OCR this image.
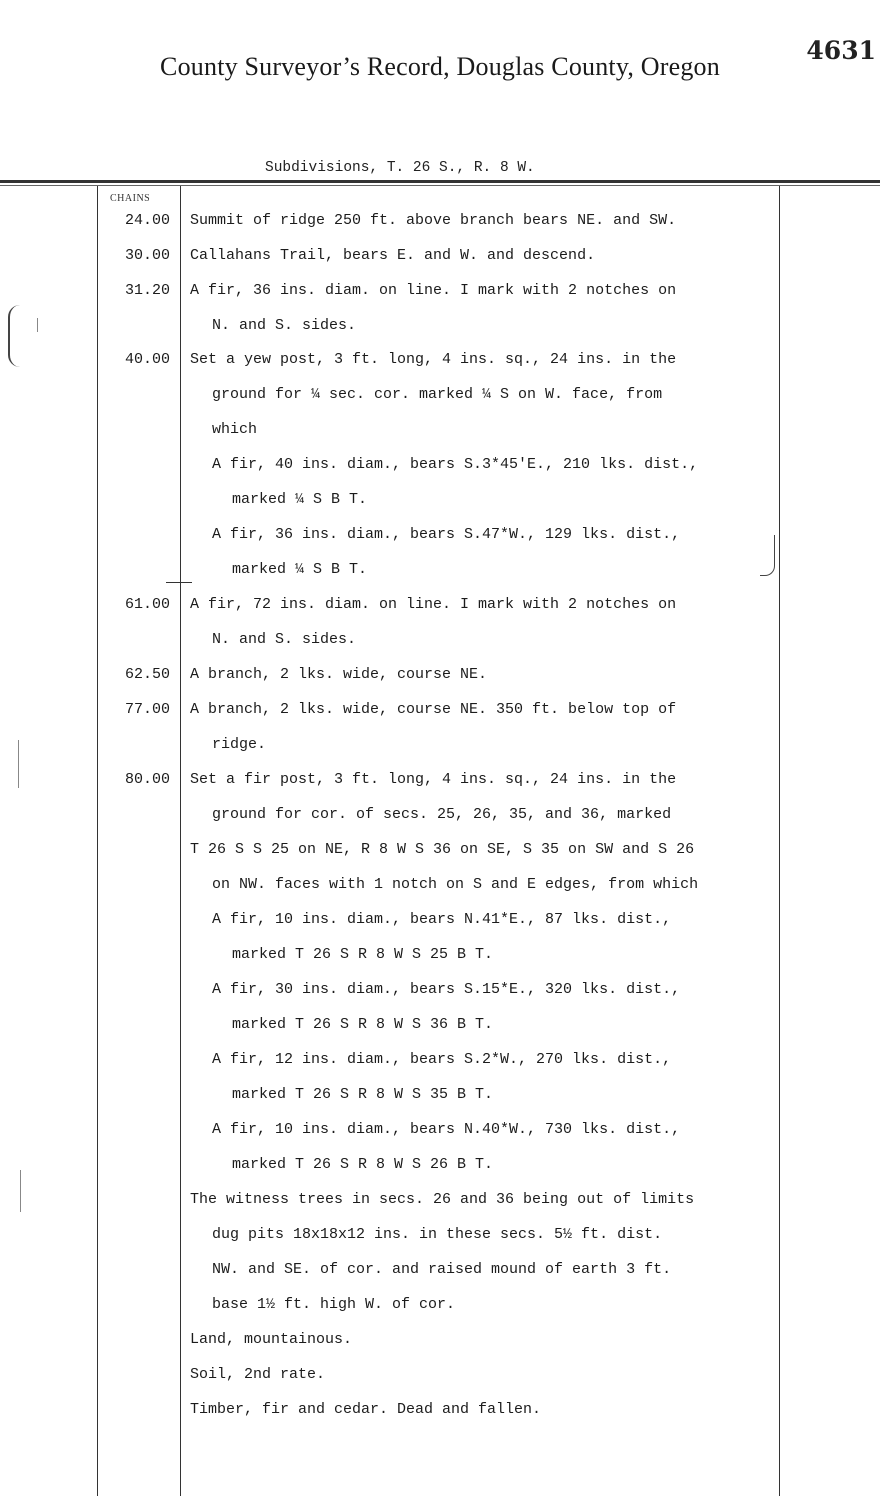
4631
County Surveyor’s Record, Douglas County, Oregon
Subdivisions, T. 26 S., R. 8 W.
CHAINS
24.00 Summit of ridge 250 ft. above branch bears NE. and SW.
30.00 Callahans Trail, bears E. and W. and descend.
31.20 A fir, 36 ins. diam. on line. I mark with 2 notches on
N. and S. sides.
40.00 Set a yew post, 3 ft. long, 4 ins. sq., 24 ins. in the
ground for ¼ sec. cor. marked ¼ S on W. face, from
which
A fir, 40 ins. diam., bears S.3*45'E., 210 lks. dist.,
marked ¼ S B T.
A fir, 36 ins. diam., bears S.47*W., 129 lks. dist.,
marked ¼ S B T.
61.00 A fir, 72 ins. diam. on line. I mark with 2 notches on
N. and S. sides.
62.50 A branch, 2 lks. wide, course NE.
77.00 A branch, 2 lks. wide, course NE. 350 ft. below top of
ridge.
80.00 Set a fir post, 3 ft. long, 4 ins. sq., 24 ins. in the
ground for cor. of secs. 25, 26, 35, and 36, marked
T 26 S S 25 on NE, R 8 W S 36 on SE, S 35 on SW and S 26
on NW. faces with 1 notch on S and E edges, from which
A fir, 10 ins. diam., bears N.41*E., 87 lks. dist.,
marked T 26 S R 8 W S 25 B T.
A fir, 30 ins. diam., bears S.15*E., 320 lks. dist.,
marked T 26 S R 8 W S 36 B T.
A fir, 12 ins. diam., bears S.2*W., 270 lks. dist.,
marked T 26 S R 8 W S 35 B T.
A fir, 10 ins. diam., bears N.40*W., 730 lks. dist.,
marked T 26 S R 8 W S 26 B T.
The witness trees in secs. 26 and 36 being out of limits
dug pits 18x18x12 ins. in these secs. 5½ ft. dist.
NW. and SE. of cor. and raised mound of earth 3 ft.
base 1½ ft. high W. of cor.
Land, mountainous.
Soil, 2nd rate.
Timber, fir and cedar. Dead and fallen.
